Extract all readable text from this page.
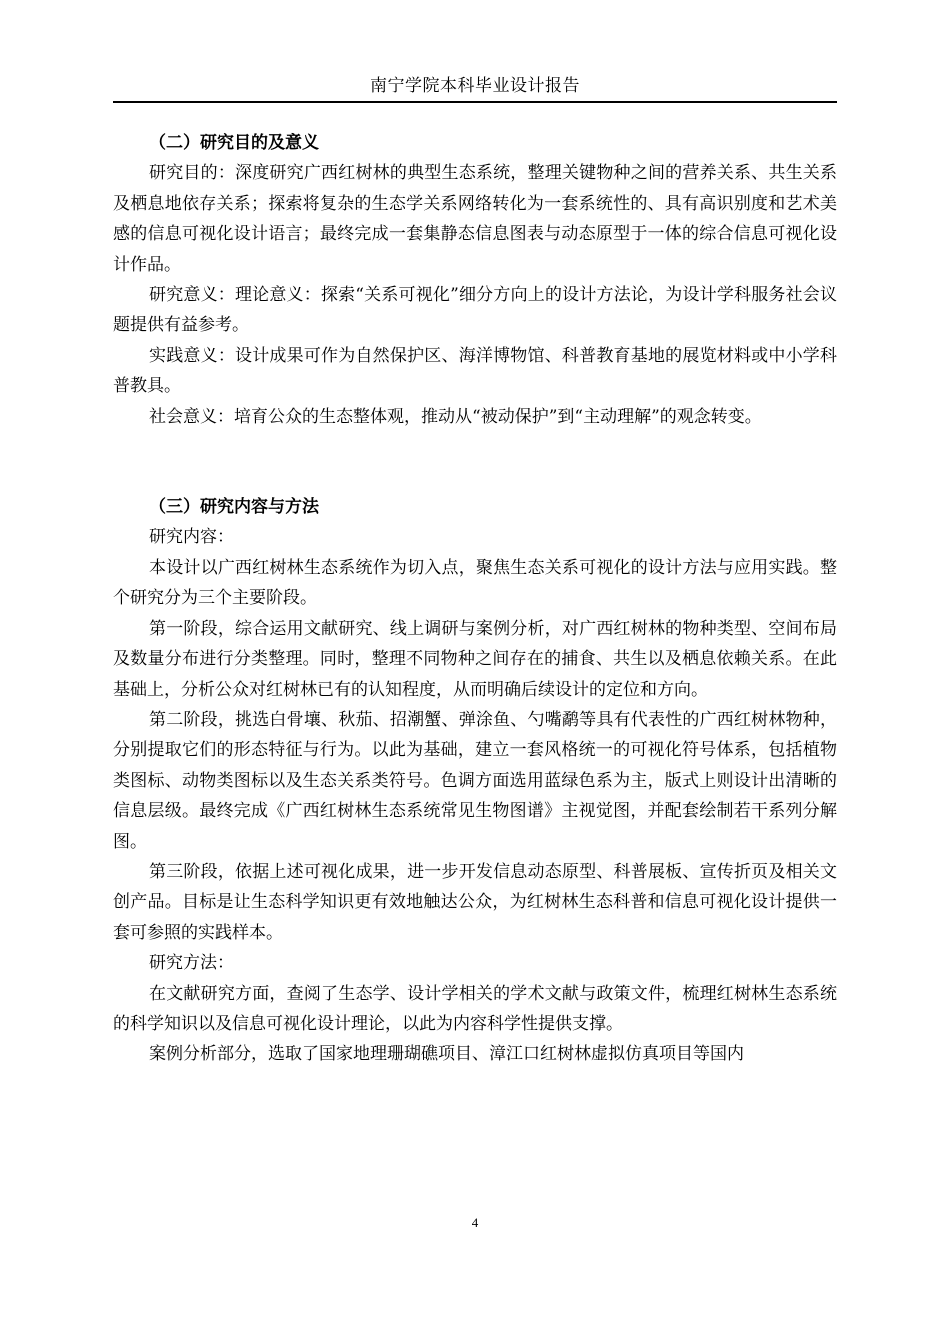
南宁学院本科毕业设计报告
（二）研究目的及意义

研究目的：深度研究广西红树林的典型生态系统，整理关键物种之间的营养关系、共生关系及栖息地依存关系；探索将复杂的生态学关系网络转化为一套系统性的、具有高识别度和艺术美感的信息可视化设计语言；最终完成一套集静态信息图表与动态原型于一体的综合信息可视化设计作品。

研究意义：理论意义：探索“关系可视化”细分方向上的设计方法论，为设计学科服务社会议题提供有益参考。

实践意义：设计成果可作为自然保护区、海洋博物馆、科普教育基地的展览材料或中小学科普教具。

社会意义：培育公众的生态整体观，推动从“被动保护”到“主动理解”的观念转变。

（三）研究内容与方法

研究内容：

本设计以广西红树林生态系统作为切入点，聚焦生态关系可视化的设计方法与应用实践。整个研究分为三个主要阶段。

第一阶段，综合运用文献研究、线上调研与案例分析，对广西红树林的物种类型、空间布局及数量分布进行分类整理。同时，整理不同物种之间存在的捕食、共生以及栖息依赖关系。在此基础上，分析公众对红树林已有的认知程度，从而明确后续设计的定位和方向。

第二阶段，挑选白骨壤、秋茄、招潮蟹、弹涂鱼、勺嘴鹬等具有代表性的广西红树林物种，分别提取它们的形态特征与行为。以此为基础，建立一套风格统一的可视化符号体系，包括植物类图标、动物类图标以及生态关系类符号。色调方面选用蓝绿色系为主，版式上则设计出清晰的信息层级。最终完成《广西红树林生态系统常见生物图谱》主视觉图，并配套绘制若干系列分解图。

第三阶段，依据上述可视化成果，进一步开发信息动态原型、科普展板、宣传折页及相关文创产品。目标是让生态科学知识更有效地触达公众，为红树林生态科普和信息可视化设计提供一套可参照的实践样本。

研究方法：

在文献研究方面，查阅了生态学、设计学相关的学术文献与政策文件，梳理红树林生态系统的科学知识以及信息可视化设计理论，以此为内容科学性提供支撑。

案例分析部分，选取了国家地理珊瑚礁项目、漳江口红树林虚拟仿真项目等国内

4
